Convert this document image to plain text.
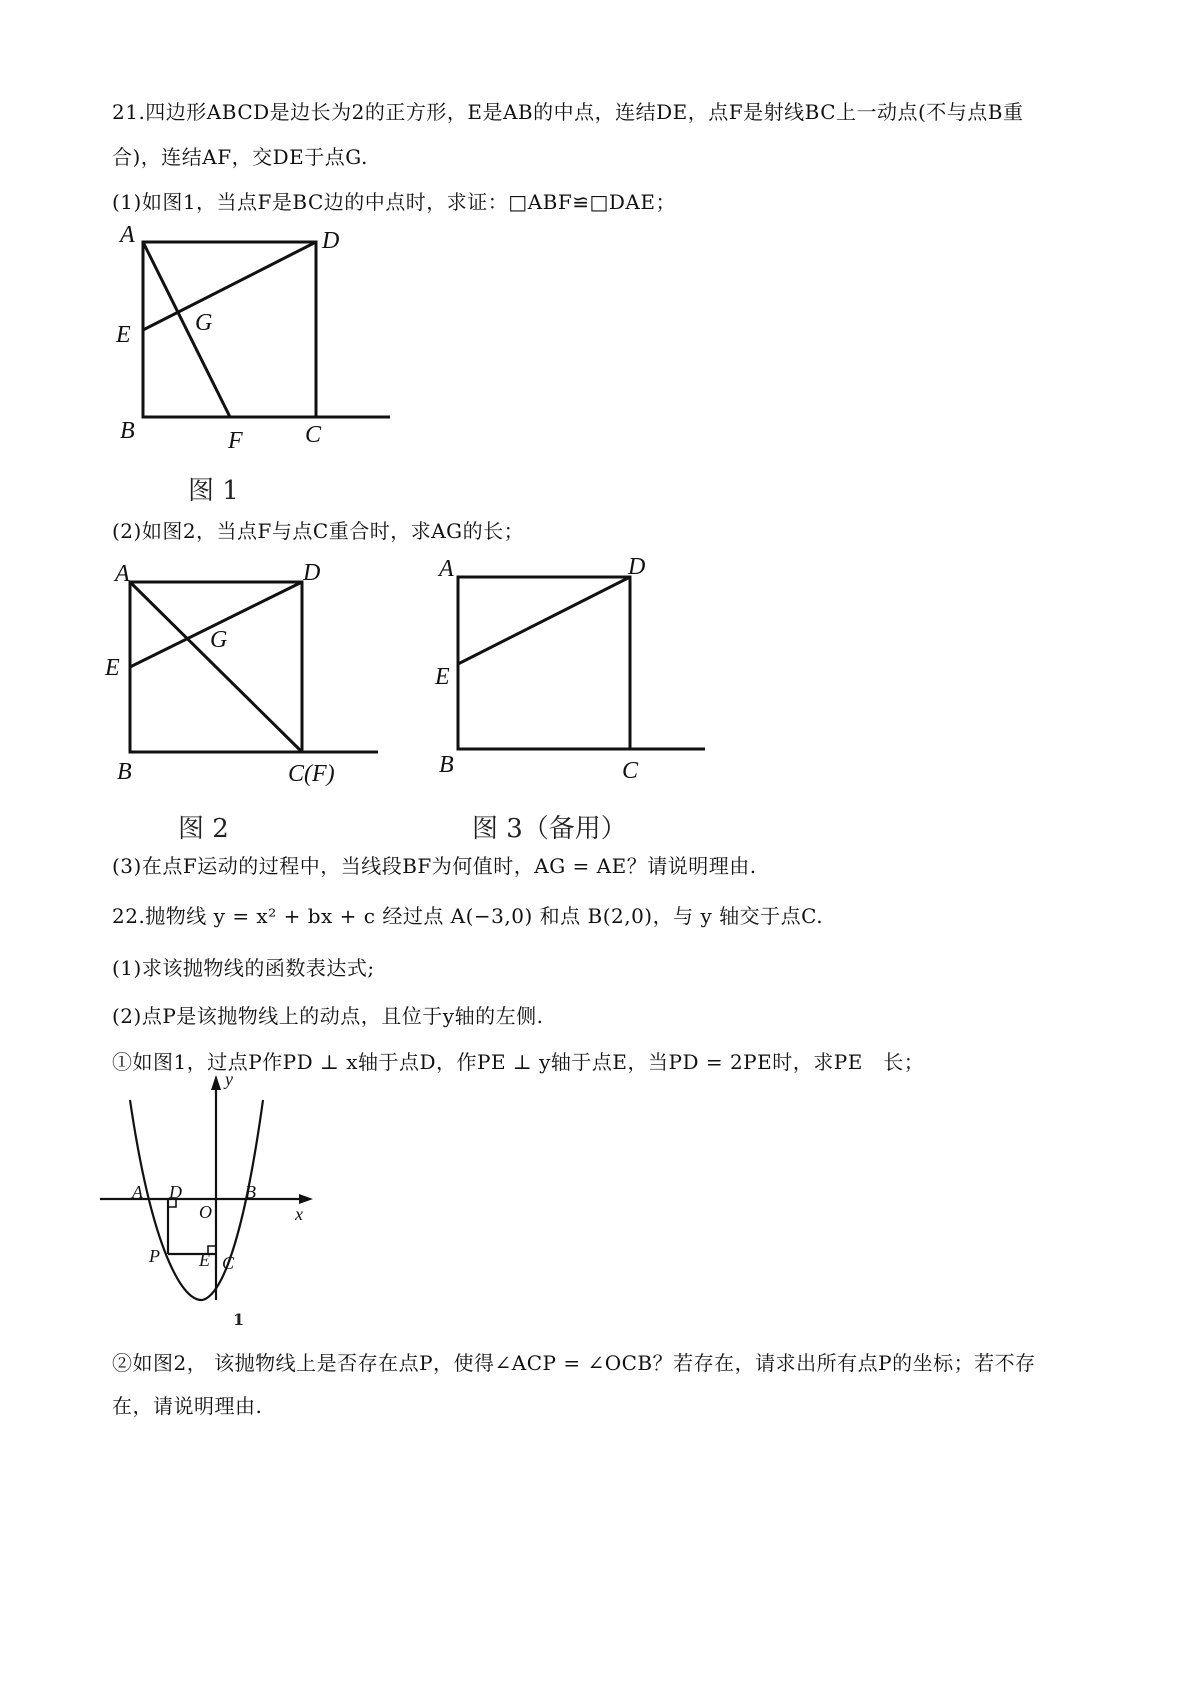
21.四边形ABCD是边长为2的正方形，E是AB的中点，连结DE，点F是射线BC上一动点(不与点B重
合)，连结AF，交DE于点G.
(1)如图1，当点F是BC边的中点时，求证：□ABF≌□DAE；
A	D
E	G
B	F	C
图 1
(2)如图2，当点F与点C重合时，求AG的长；
A	D
E
G
B	C(F)
图 2
A	D
E
B	C
图 3（备用）
(3)在点F运动的过程中，当线段BF为何值时，AG = AE？请说明理由.
22.抛物线 y = x² + bx + c 经过点 A(−3,0) 和点 B(2,0)，与 y 轴交于点C.
(1)求该抛物线的函数表达式;
(2)点P是该抛物线上的动点，且位于y轴的左侧.
①如图1，过点P作PD ⊥ x轴于点D，作PE ⊥ y轴于点E，当PD = 2PE时，求PE　长；
y
x
A D
O
B
P E C
1
②如图2， 该抛物线上是否存在点P，使得∠ACP = ∠OCB？若存在，请求出所有点P的坐标；若不存
在，请说明理由.
